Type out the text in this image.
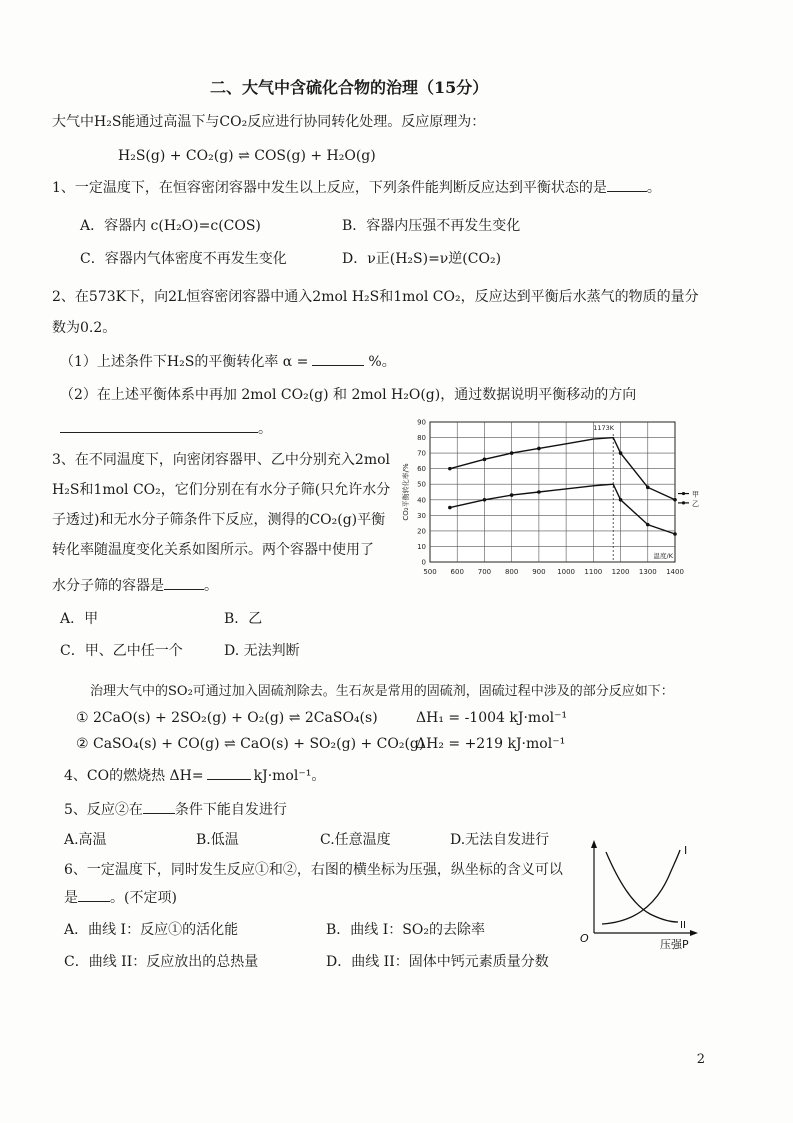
二、大气中含硫化合物的治理（15分）
大气中H₂S能通过高温下与CO₂反应进行协同转化处理。反应原理为：
H₂S(g) + CO₂(g) ⇌ COS(g) + H₂O(g)
1、一定温度下，在恒容密闭容器中发生以上反应，下列条件能判断反应达到平衡状态的是	。
A．容器内 c(H₂O)=c(COS)	B．容器内压强不再发生变化
C．容器内气体密度不再发生变化	D．ν正(H₂S)=ν逆(CO₂)
2、在573K下，向2L恒容密闭容器中通入2mol H₂S和1mol CO₂，反应达到平衡后水蒸气的物质的量分
数为0.2。
（1）上述条件下H₂S的平衡转化率 α =	%。
（2）在上述平衡体系中再加 2mol CO₂(g) 和 2mol H₂O(g)，通过数据说明平衡移动的方向
。
3、在不同温度下，向密闭容器甲、乙中分别充入2mol
H₂S和1mol CO₂，它们分别在有水分子筛(只允许水分
子透过)和无水分子筛条件下反应，测得的CO₂(g)平衡
转化率随温度变化关系如图所示。两个容器中使用了
水分子筛的容器是	。
A．甲	B．乙
C．甲、乙中任一个	D. 无法判断
500 600 700 800 900 1000 1100 1200 1300 1400
0
10
20
30
40
50
60
70
80
90
温度/K
CO₂平衡转化率/%
1173K
甲
乙
治理大气中的SO₂可通过加入固硫剂除去。生石灰是常用的固硫剂，固硫过程中涉及的部分反应如下：
① 2CaO(s) + 2SO₂(g) + O₂(g) ⇌ 2CaSO₄(s)	ΔH₁ = -1004 kJ·mol⁻¹
② CaSO₄(s) + CO(g) ⇌ CaO(s) + SO₂(g) + CO₂(g)
ΔH₂ = +219 kJ·mol⁻¹
4、CO的燃烧热 ΔH=	kJ·mol⁻¹。
5、反应②在 条件下能自发进行
A.高温	B.低温	C.任意温度	D.无法自发进行
6、一定温度下，同时发生反应①和②，右图的横坐标为压强，纵坐标的含义可以
是 。(不定项)
A．曲线 I：反应①的活化能	B．曲线 I：SO₂的去除率
C．曲线 II：反应放出的总热量	D．曲线 II：固体中钙元素质量分数
O	压强P
I
II
2
